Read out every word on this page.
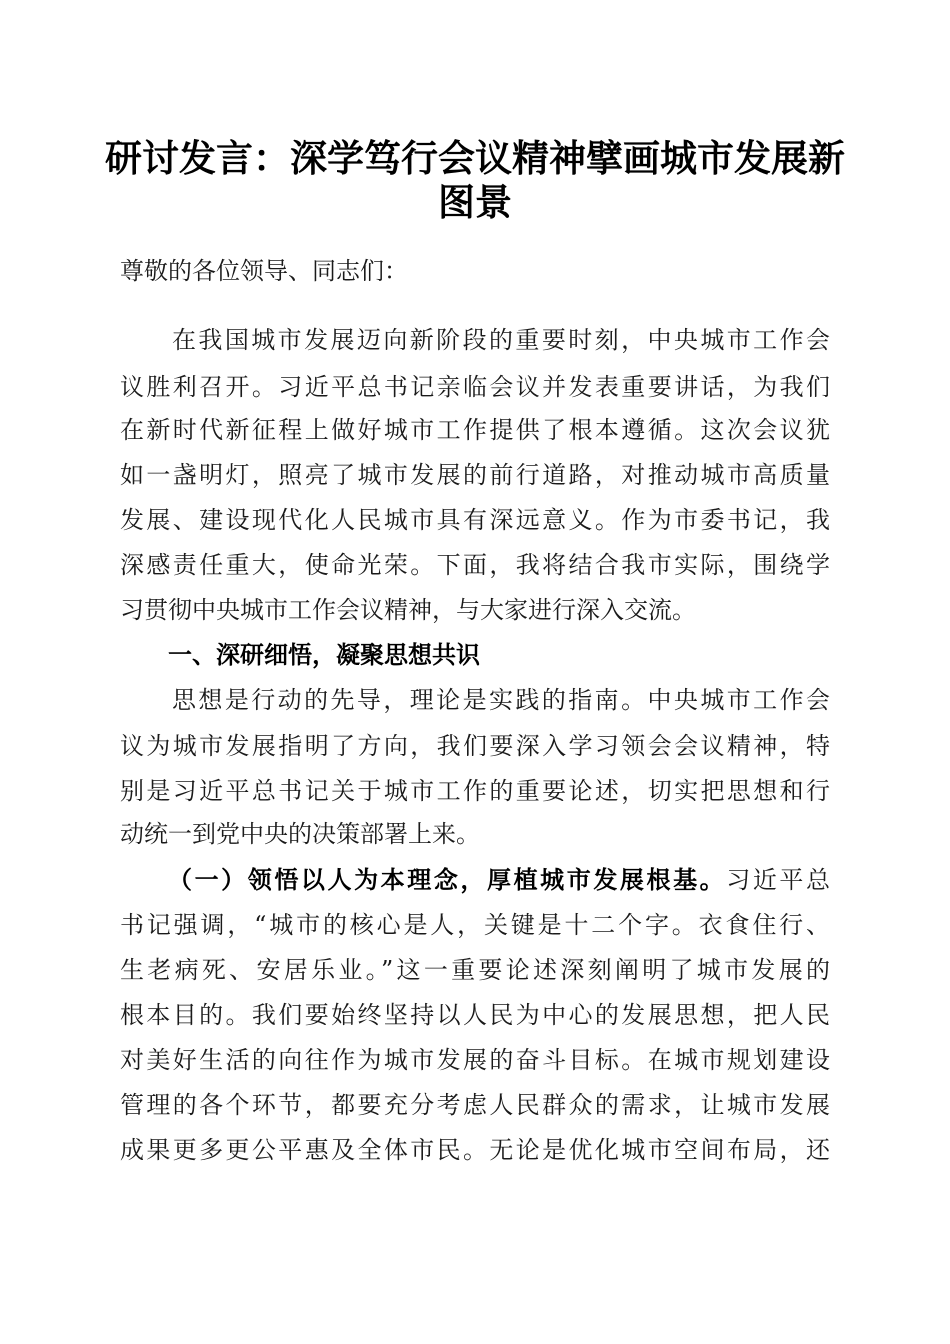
研讨发言：深学笃行会议精神擘画城市发展新
图景
尊敬的各位领导、同志们：
在我国城市发展迈向新阶段的重要时刻，中央城市工作会
议胜利召开。习近平总书记亲临会议并发表重要讲话，为我们
在新时代新征程上做好城市工作提供了根本遵循。这次会议犹
如一盏明灯，照亮了城市发展的前行道路，对推动城市高质量
发展、建设现代化人民城市具有深远意义。作为市委书记，我
深感责任重大，使命光荣。下面，我将结合我市实际，围绕学
习贯彻中央城市工作会议精神，与大家进行深入交流。
一、深研细悟，凝聚思想共识
思想是行动的先导，理论是实践的指南。中央城市工作会
议为城市发展指明了方向，我们要深入学习领会会议精神，特
别是习近平总书记关于城市工作的重要论述，切实把思想和行
动统一到党中央的决策部署上来。
（一）领悟以人为本理念，厚植城市发展根基。习近平总
书记强调，“城市的核心是人，关键是十二个字。衣食住行、
生老病死、安居乐业。”这一重要论述深刻阐明了城市发展的
根本目的。我们要始终坚持以人民为中心的发展思想，把人民
对美好生活的向往作为城市发展的奋斗目标。在城市规划建设
管理的各个环节，都要充分考虑人民群众的需求，让城市发展
成果更多更公平惠及全体市民。无论是优化城市空间布局，还
